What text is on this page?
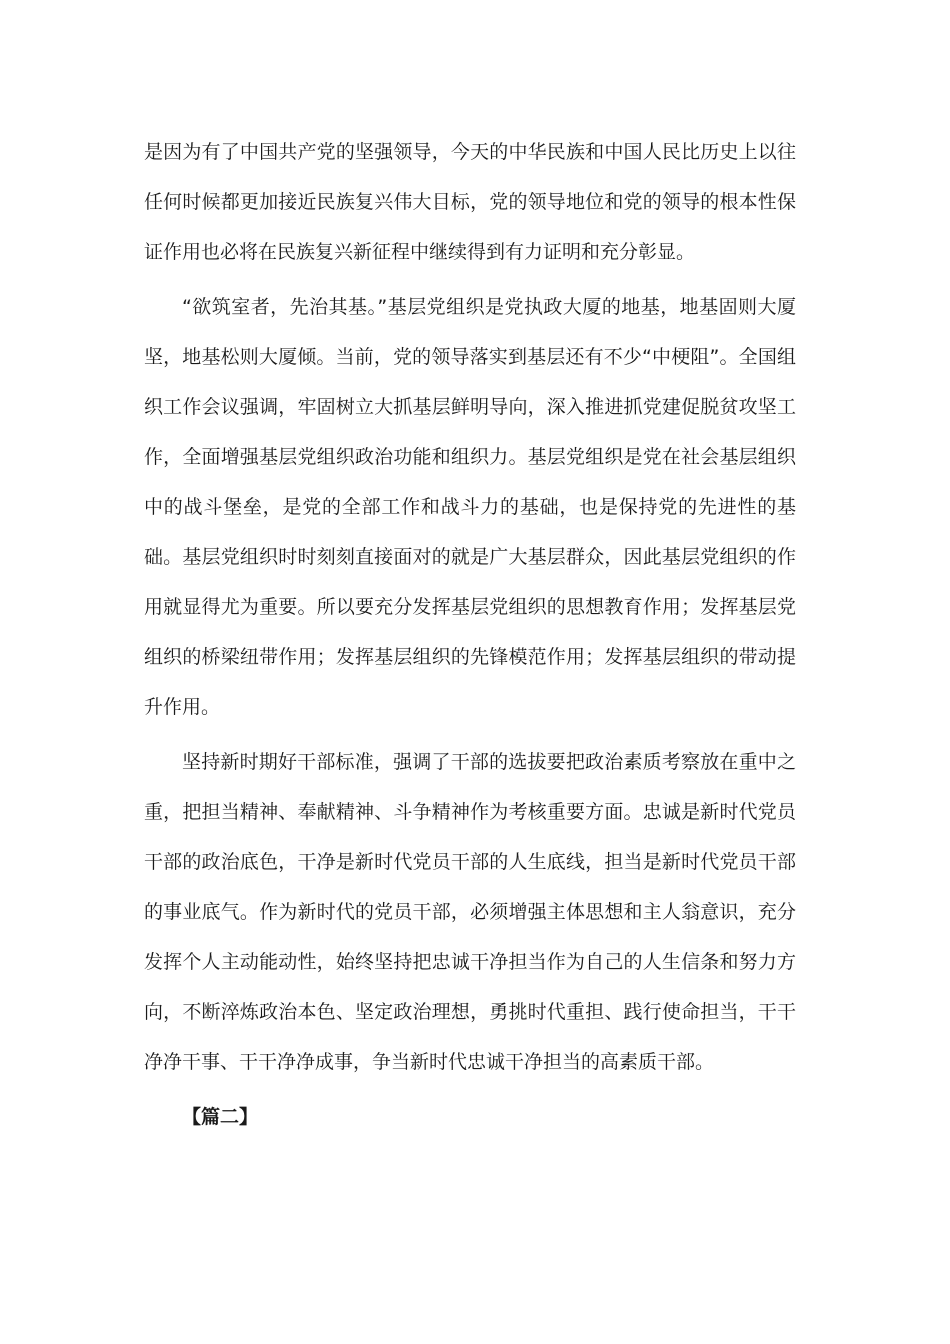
是因为有了中国共产党的坚强领导，今天的中华民族和中国人民比历史上以往任何时候都更加接近民族复兴伟大目标，党的领导地位和党的领导的根本性保证作用也必将在民族复兴新征程中继续得到有力证明和充分彰显。

“欲筑室者，先治其基。”基层党组织是党执政大厦的地基，地基固则大厦坚，地基松则大厦倾。当前，党的领导落实到基层还有不少“中梗阻”。全国组织工作会议强调，牢固树立大抓基层鲜明导向，深入推进抓党建促脱贫攻坚工作，全面增强基层党组织政治功能和组织力。基层党组织是党在社会基层组织中的战斗堡垒，是党的全部工作和战斗力的基础，也是保持党的先进性的基础。基层党组织时时刻刻直接面对的就是广大基层群众，因此基层党组织的作用就显得尤为重要。所以要充分发挥基层党组织的思想教育作用；发挥基层党组织的桥梁纽带作用；发挥基层组织的先锋模范作用；发挥基层组织的带动提升作用。

坚持新时期好干部标准，强调了干部的选拔要把政治素质考察放在重中之重，把担当精神、奉献精神、斗争精神作为考核重要方面。忠诚是新时代党员干部的政治底色，干净是新时代党员干部的人生底线，担当是新时代党员干部的事业底气。作为新时代的党员干部，必须增强主体思想和主人翁意识，充分发挥个人主动能动性，始终坚持把忠诚干净担当作为自己的人生信条和努力方向，不断淬炼政治本色、坚定政治理想，勇挑时代重担、践行使命担当，干干净净干事、干干净净成事，争当新时代忠诚干净担当的高素质干部。

【篇二】
